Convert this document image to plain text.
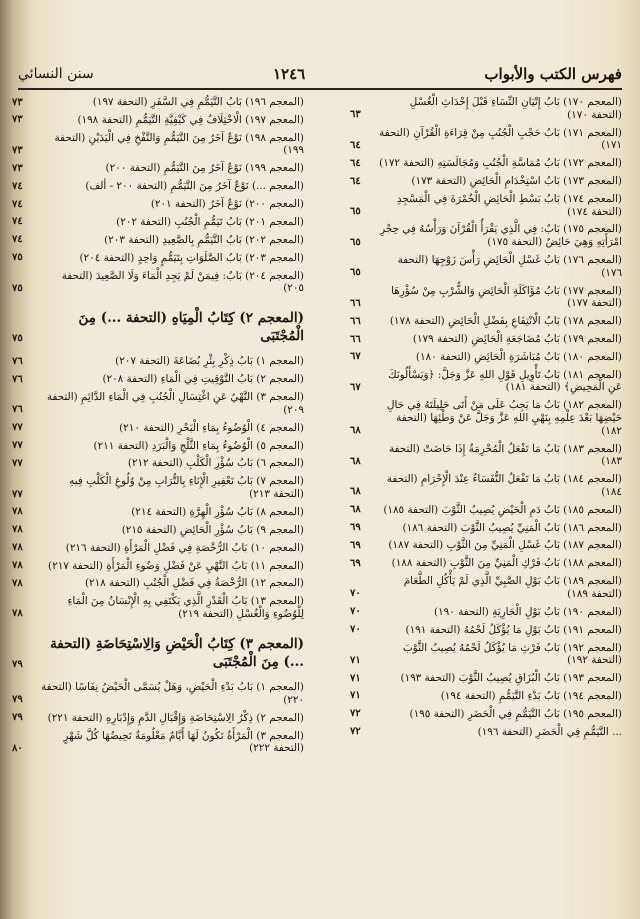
سنن النسائي	١٢٤٦	فهرس الكتب والأبواب
(المعجم ١٧٠) بَابُ إِتْيَانِ النِّسَاءِ قَبْلَ إِحْدَاثِ الْغُسْلِ (التحفة ١٧٠)
٦٣
(المعجم ١٧١) بَابُ حَجْبِ الْجُنُبِ مِنْ قِرَاءَةِ الْقُرْآنِ (التحفة ١٧١)
٦٤
(المعجم ١٧٢) بَابُ مُمَاسَّةِ الْجُنُبِ وَمُجَالَسَتِهِ (التحفة ١٧٢)
٦٤
(المعجم ١٧٣) بَابُ اسْتِخْدَامِ الْحَائِضِ (التحفة ١٧٣)
٦٤
(المعجم ١٧٤) بَابُ بَسْطِ الْحَائِضِ الْخُمْرَةَ فِي الْمَسْجِدِ (التحفة ١٧٤)
٦٥
(المعجم ١٧٥) بَابٌ: فِي الَّذِي يَقْرَأُ الْقُرْآنَ وَرَأْسُهُ فِي حِجْرِ امْرَأَتِهِ وَهِيَ حَائِضٌ (التحفة ١٧٥)
٦٥
(المعجم ١٧٦) بَابُ غَسْلِ الْحَائِضِ رَأْسَ زَوْجِهَا (التحفة ١٧٦)
٦٥
(المعجم ١٧٧) بَابُ مُؤَاكَلَةِ الْحَائِضِ وَالشُّرْبِ مِنْ سُؤْرِهَا (التحفة ١٧٧)
٦٦
(المعجم ١٧٨) بَابُ الْانْتِفَاعِ بِفَضْلِ الْحَائِضِ (التحفة ١٧٨)
٦٦
(المعجم ١٧٩) بَابُ مُضَاجَعَةِ الْحَائِضِ (التحفة ١٧٩)
٦٦
(المعجم ١٨٠) بَابُ مُبَاشَرَةِ الْحَائِضِ (التحفة ١٨٠)
٦٧
(المعجم ١٨١) بَابُ تَأْوِيلِ قَوْلِ اللهِ عَزَّ وَجَلَّ: ﴿وَيَسْأَلُونَكَ عَنِ الْمَحِيضِ﴾ (التحفة ١٨١)
٦٧
(المعجم ١٨٢) بَابُ مَا يَجِبُ عَلَى مَنْ أَتَى حَلِيلَتَهُ فِي حَالِ حَيْضِهَا بَعْدَ عِلْمِهِ بِنَهْيِ اللهِ عَزَّ وَجَلَّ عَنْ وَطْئِهَا (التحفة ١٨٢)
٦٨
(المعجم ١٨٣) بَابُ مَا تَفْعَلُ الْمُحْرِمَةُ إِذَا حَاضَتْ (التحفة ١٨٣)
٦٨
(المعجم ١٨٤) بَابُ مَا تَفْعَلُ النُّفَسَاءُ عِنْدَ الْإِحْرَامِ (التحفة ١٨٤)
٦٨
(المعجم ١٨٥) بَابُ دَمِ الْحَيْضِ يُصِيبُ الثَّوْبَ (التحفة ١٨٥)
٦٨
(المعجم ١٨٦) بَابُ الْمَنِيِّ يُصِيبُ الثَّوْبَ (التحفة ١٨٦)
٦٩
(المعجم ١٨٧) بَابُ غَسْلِ الْمَنِيِّ مِنَ الثَّوْبِ (التحفة ١٨٧)
٦٩
(المعجم ١٨٨) بَابُ فَرْكِ الْمَنِيِّ مِنَ الثَّوْبِ (التحفة ١٨٨)
٦٩
(المعجم ١٨٩) بَابُ بَوْلِ الصَّبِيِّ الَّذِي لَمْ يَأْكُلِ الطَّعَامَ (التحفة ١٨٩)
٧٠
(المعجم ١٩٠) بَابُ بَوْلِ الْجَارِيَةِ (التحفة ١٩٠)
٧٠
(المعجم ١٩١) بَابُ بَوْلِ مَا يُؤْكَلُ لَحْمُهُ (التحفة ١٩١)
٧٠
(المعجم ١٩٢) بَابُ فَرْثِ مَا يُؤْكَلُ لَحْمُهُ يُصِيبُ الثَّوْبَ (التحفة ١٩٢)
٧١
(المعجم ١٩٣) بَابُ الْبُزَاقِ يُصِيبُ الثَّوْبَ (التحفة ١٩٣)
٧١
(المعجم ١٩٤) بَابُ بَدْءِ التَّيَمُّمِ (التحفة ١٩٤)
٧١
(المعجم ١٩٥) بَابُ التَّيَمُّمِ فِي الْحَضَرِ (التحفة ١٩٥)
٧٢
... التَّيَمُّمِ فِي الْحَضَرِ (التحفة ١٩٦)
٧٢
(المعجم ١٩٦) بَابُ التَّيَمُّمِ فِي السَّفَرِ (التحفة ١٩٧)
٧٣
(المعجم ١٩٧) الْاخْتِلَافُ فِي كَيْفِيَّةِ التَّيَمُّمِ (التحفة ١٩٨)
٧٣
(المعجم ١٩٨) نَوْعٌ آخَرُ مِنَ التَّيَمُّمِ وَالنَّفْخِ فِي الْيَدَيْنِ (التحفة ١٩٩)
٧٣
(المعجم ١٩٩) نَوْعٌ آخَرُ مِنَ التَّيَمُّمِ (التحفة ٢٠٠)
٧٣
(المعجم ...) نَوْعٌ آخَرُ مِنَ التَّيَمُّمِ (التحفة ٢٠٠ - ألف)
٧٤
(المعجم ٢٠٠) نَوْعٌ آخَرُ (التحفة ٢٠١)
٧٤
(المعجم ٢٠١) بَابُ تَيَمُّمِ الْجُنُبِ (التحفة ٢٠٢)
٧٤
(المعجم ٢٠٢) بَابُ التَّيَمُّمِ بِالصَّعِيدِ (التحفة ٢٠٣)
٧٤
(المعجم ٢٠٣) بَابُ الصَّلَوَاتِ بِتَيَمُّمٍ وَاحِدٍ (التحفة ٢٠٤)
٧٥
(المعجم ٢٠٤) بَابٌ: فِيمَنْ لَمْ يَجِدِ الْمَاءَ وَلَا الصَّعِيدَ (التحفة ٢٠٥)
٧٥
(المعجم ٢) كِتَابُ الْمِيَاهِ (التحفة ...) مِنَ الْمُجْتَبَى
٧٥
(المعجم ١) بَابُ ذِكْرِ بِئْرِ بُضَاعَةَ (التحفة ٢٠٧)
٧٦
(المعجم ٢) بَابُ التَّوْقِيتِ فِي الْمَاءِ (التحفة ٢٠٨)
٧٦
(المعجم ٣) النَّهْيُ عَنِ اغْتِسَالِ الْجُنُبِ فِي الْمَاءِ الدَّائِمِ (التحفة ٢٠٩)
٧٦
(المعجم ٤) الْوُضُوءُ بِمَاءِ الْبَحْرِ (التحفة ٢١٠)
٧٧
(المعجم ٥) الْوُضُوءُ بِمَاءِ الثَّلْجِ وَالْبَرَدِ (التحفة ٢١١)
٧٧
(المعجم ٦) بَابُ سُؤْرِ الْكَلْبِ (التحفة ٢١٢)
٧٧
(المعجم ٧) بَابُ تَعْفِيرِ الْإِنَاءِ بِالتُّرَابِ مِنْ وُلُوغِ الْكَلْبِ فِيهِ (التحفة ٢١٣)
٧٧
(المعجم ٨) بَابُ سُؤْرِ الْهِرَّةِ (التحفة ٢١٤)
٧٨
(المعجم ٩) بَابُ سُؤْرِ الْحَائِضِ (التحفة ٢١٥)
٧٨
(المعجم ١٠) بَابُ الرُّخْصَةِ فِي فَضْلِ الْمَرْأَةِ (التحفة ٢١٦)
٧٨
(المعجم ١١) بَابُ النَّهْيِ عَنْ فَضْلِ وَضُوءِ الْمَرْأَةِ (التحفة ٢١٧)
٧٨
(المعجم ١٢) الرُّخْصَةُ فِي فَضْلِ الْجُنُبِ (التحفة ٢١٨)
٧٨
(المعجم ١٣) بَابُ الْقَدْرِ الَّذِي يَكْتَفِي بِهِ الْإِنْسَانُ مِنَ الْمَاءِ لِلْوُضُوءِ وَالْغُسْلِ (التحفة ٢١٩)
٧٨
(المعجم ٣) كِتَابُ الْحَيْضِ وَالِاسْتِحَاضَةِ (التحفة ...) مِنَ الْمُجْتَبَى
٧٩
(المعجم ١) بَابُ بَدْءِ الْحَيْضِ، وَهَلْ يُسَمَّى الْحَيْضُ نِفَاسًا (التحفة ٢٢٠)
٧٩
(المعجم ٢) ذِكْرُ الِاسْتِحَاضَةِ وَإِقْبَالِ الدَّمِ وَإِدْبَارِهِ (التحفة ٢٢١)
٧٩
(المعجم ٣) الْمَرْأَةُ تَكُونُ لَهَا أَيَّامٌ مَعْلُومَةٌ تَحِيضُهَا كُلَّ شَهْرٍ (التحفة ٢٢٢)
٨٠
